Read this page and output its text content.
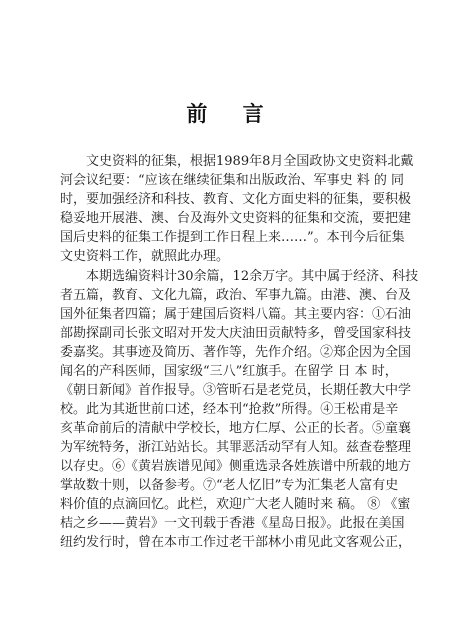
前 言
文史资料的征集，根据1989年8月全国政协文史资料北戴
河会议纪要：“应该在继续征集和出版政治、军事史 料 的 同
时，要加强经济和科技、教育、文化方面史料的征集，要积极
稳妥地开展港、澳、台及海外文史资料的征集和交流，要把建
国后史料的征集工作提到工作日程上来……”。本刊今后征集
文史资料工作，就照此办理。
本期选编资料计30余篇，12余万字。其中属于经济、科技
者五篇，教育、文化九篇，政治、军事九篇。由港、澳、台及
国外征集者四篇；属于建国后资料八篇。其主要内容：①石油
部勘探副司长张文昭对开发大庆油田贡献特多，曾受国家科技
委嘉奖。其事迹及简历、著作等，先作介绍。②郑企因为全国
闻名的产科医师，国家级“三八”红旗手。在留学 日 本 时，
《朝日新闻》首作报导。③管昕石是老党员，长期任教大中学
校。此为其逝世前口述，经本刊“抢救”所得。④王松甫是辛
亥革命前后的清献中学校长，地方仁厚、公正的长者。⑤童襄
为军统特务，浙江站站长。其罪恶活动罕有人知。兹查卷整理
以存史。⑥《黄岩族谱见闻》侧重选录各姓族谱中所载的地方
掌故数十则，以备参考。⑦“老人忆旧”专为汇集老人富有史
料价值的点滴回忆。此栏，欢迎广大老人随时来 稿。 ⑧ 《蜜
桔之乡——黄岩》一文刊载于香港《星岛日报》。此报在美国
纽约发行时，曾在本市工作过老干部林小甫见此文客观公正，
